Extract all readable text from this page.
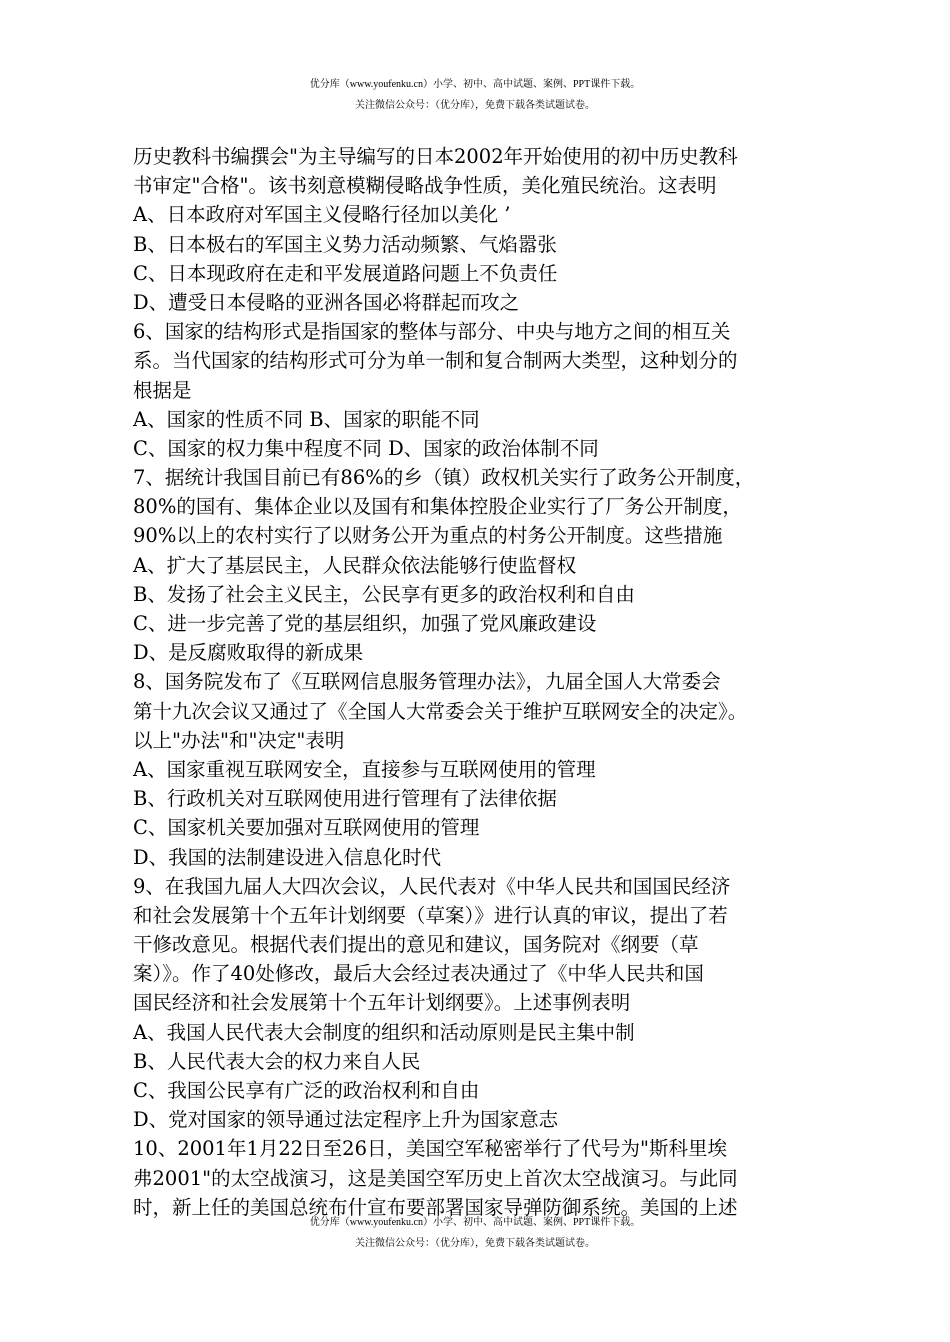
优分库（www.youfenku.cn）小学、初中、高中试题、案例、PPT课件下载。
关注微信公众号：（优分库），免费下载各类试题试卷。
历史教科书编撰会"为主导编写的日本2002年开始使用的初中历史教科
书审定"合格"。该书刻意模糊侵略战争性质，美化殖民统治。这表明
A、日本政府对军国主义侵略行径加以美化 ’
B、日本极右的军国主义势力活动频繁、气焰嚣张
C、日本现政府在走和平发展道路问题上不负责任
D、遭受日本侵略的亚洲各国必将群起而攻之
6、国家的结构形式是指国家的整体与部分、中央与地方之间的相互关
系。当代国家的结构形式可分为单一制和复合制两大类型，这种划分的
根据是
A、国家的性质不同 B、国家的职能不同
C、国家的权力集中程度不同 D、国家的政治体制不同
7、据统计我国目前已有86%的乡（镇）政权机关实行了政务公开制度，
80%的国有、集体企业以及国有和集体控股企业实行了厂务公开制度，
90%以上的农村实行了以财务公开为重点的村务公开制度。这些措施
A、扩大了基层民主，人民群众依法能够行使监督权
B、发扬了社会主义民主，公民享有更多的政治权利和自由
C、进一步完善了党的基层组织，加强了党风廉政建设
D、是反腐败取得的新成果
8、国务院发布了《互联网信息服务管理办法》，九届全国人大常委会
第十九次会议又通过了《全国人大常委会关于维护互联网安全的决定》。
以上"办法"和"决定"表明
A、国家重视互联网安全，直接参与互联网使用的管理
B、行政机关对互联网使用进行管理有了法律依据
C、国家机关要加强对互联网使用的管理
D、我国的法制建设进入信息化时代
9、在我国九届人大四次会议，人民代表对《中华人民共和国国民经济
和社会发展第十个五年计划纲要（草案）》进行认真的审议，提出了若
干修改意见。根据代表们提出的意见和建议，国务院对《纲要（草
案）》。作了40处修改，最后大会经过表决通过了《中华人民共和国
国民经济和社会发展第十个五年计划纲要》。上述事例表明
A、我国人民代表大会制度的组织和活动原则是民主集中制
B、人民代表大会的权力来自人民
C、我国公民享有广泛的政治权利和自由
D、党对国家的领导通过法定程序上升为国家意志
10、2001年1月22日至26日，美国空军秘密举行了代号为"斯科里埃
弗2001"的太空战演习，这是美国空军历史上首次太空战演习。与此同
时，新上任的美国总统布什宣布要部署国家导弹防御系统。美国的上述
优分库（www.youfenku.cn）小学、初中、高中试题、案例、PPT课件下载。
关注微信公众号：（优分库），免费下载各类试题试卷。
